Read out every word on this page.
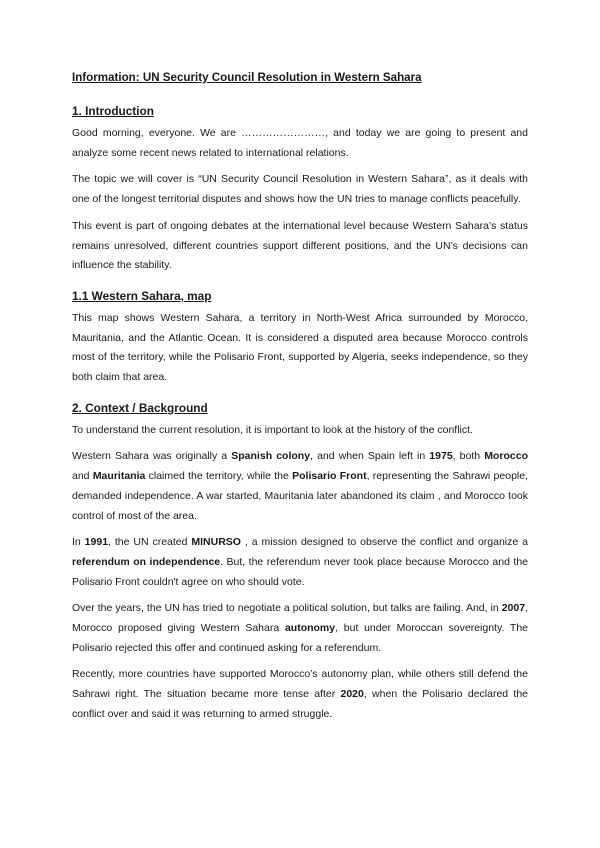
Information: UN Security Council Resolution in Western Sahara
1. Introduction

Good morning, everyone. We are ……………………, and today we are going to present and analyze some recent news related to international relations.

The topic we will cover is “UN Security Council Resolution in Western Sahara”, as it deals with one of the longest territorial disputes and shows how the UN tries to manage conflicts peacefully.

This event is part of ongoing debates at the international level because Western Sahara’s status remains unresolved, different countries support different positions, and the UN’s decisions can influence the stability.

1.1 Western Sahara, map

This map shows Western Sahara, a territory in North-West Africa surrounded by Morocco, Mauritania, and the Atlantic Ocean. It is considered a disputed area because Morocco controls most of the territory, while the Polisario Front, supported by Algeria, seeks independence, so they both claim that area.

2. Context / Background

To understand the current resolution, it is important to look at the history of the conflict.

Western Sahara was originally a Spanish colony, and when Spain left in 1975, both Morocco and Mauritania claimed the territory, while the Polisario Front, representing the Sahrawi people, demanded independence. A war started, Mauritania later abandoned its claim , and Morocco took control of most of the area.

In 1991, the UN created MINURSO , a mission designed to observe the conflict and organize a referendum on independence. But, the referendum never took place because Morocco and the Polisario Front couldn't agree on who should vote.

Over the years, the UN has tried to negotiate a political solution, but talks are failing. And, in 2007, Morocco proposed giving Western Sahara autonomy, but under Moroccan sovereignty. The Polisario rejected this offer and continued asking for a referendum.

Recently, more countries have supported Morocco’s autonomy plan, while others still defend the Sahrawi right. The situation became more tense after 2020, when the Polisario declared the conflict over and said it was returning to armed struggle.
